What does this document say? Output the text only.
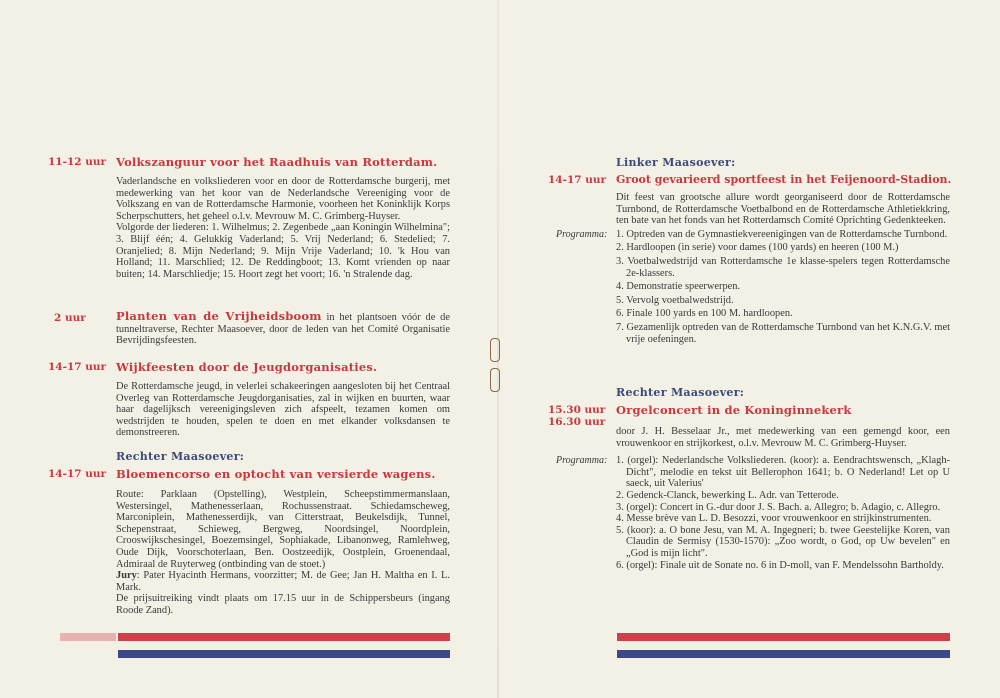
11-12 uur Volkszanguur voor het Raadhuis van Rotterdam.

Vaderlandsche en volksliederen voor en door de Rotterdamsche burgerij, met medewerking van het koor van de Nederlandsche Vereeniging voor de Volkszang en van de Rotterdamsche Harmonie, voorheen het Koninklijk Korps Scherpschutters, het geheel o.l.v. Mevrouw M. C. Grimberg-Huyser.

Volgorde der liederen: 1. Wilhelmus; 2. Zegenbede „aan Koningin Wilhelmina"; 3. Blijf één; 4. Gelukkig Vaderland; 5. Vrij Nederland; 6. Stedelied; 7. Oranjelied; 8. Mijn Nederland; 9. Mijn Vrije Vaderland; 10. 'k Hou van Holland; 11. Marschlied; 12. De Reddingboot; 13. Komt vrienden op naar buiten; 14. Marschliedje; 15. Hoort zegt het voort; 16. 'n Stralende dag.

2 uur	Planten van de Vrijheidsboom in het plantsoen vóór de de tunneltraverse, Rechter Maasoever, door de leden van het Comité Organisatie Bevrijdingsfeesten.
14-17 uur Wijkfeesten door de Jeugdorganisaties.
De Rotterdamsche jeugd, in velerlei schakeeringen aangesloten bij het Centraal Overleg van Rotterdamsche Jeugdorganisaties, zal in wijken en buurten, waar haar dagelijksch vereenigingsleven zich afspeelt, tezamen komen om wedstrijden te houden, spelen te doen en met elkander volksdansen te demonstreeren.
Rechter Maasoever:
14-17 uur Bloemencorso en optocht van versierde wagens.

Route: Parklaan (Opstelling), Westplein, Scheepstimmermanslaan, Westersingel, Mathenesserlaan, Rochussenstraat. Schiedamscheweg, Marconiplein, Mathenesserdijk, van Citterstraat, Beukelsdijk, Tunnel, Schepenstraat, Schieweg, Bergweg, Noordsingel, Noordplein, Crooswijkschesingel, Boezemsingel, Sophiakade, Libanonweg, Ramlehweg, Oude Dijk, Voorschoterlaan, Ben. Oostzeedijk, Oostplein, Groenendaal, Admiraal de Ruyterweg (ontbinding van de stoet.)

Jury: Pater Hyacinth Hermans, voorzitter; M. de Gee; Jan H. Maltha en I. L. Mark.

De prijsuitreiking vindt plaats om 17.15 uur in de Schippersbeurs (ingang Roode Zand).

Linker Maasoever:
14-17 uur Groot gevarieerd sportfeest in het Feijenoord-Stadion.
Dit feest van grootsche allure wordt georganiseerd door de Rotterdamsche Turnbond, de Rotterdamsche Voetbalbond en de Rotterdamsche Athletiekkring, ten bate van het fonds van het Rotterdamsch Comité Oprichting Gedenkteeken.
Programma: 1. Optreden van de Gymnastiekvereenigingen van de Rotterdamsche Turnbond.
2. Hardloopen (in serie) voor dames (100 yards) en heeren (100 M.)
3. Voetbalwedstrijd van Rotterdamsche 1e klasse-spelers tegen Rotterdamsche 2e-klassers.
4. Demonstratie speerwerpen.
5. Vervolg voetbalwedstrijd.
6. Finale 100 yards en 100 M. hardloopen.
7. Gezamenlijk optreden van de Rotterdamsche Turnbond van het K.N.G.V. met vrije oefeningen.
Rechter Maasoever:
15.30 uur
16.30 uur
Orgelconcert in de Koninginnekerk
door J. H. Besselaar Jr., met medewerking van een gemengd koor, een vrouwenkoor en strijkorkest, o.l.v. Mevrouw M. C. Grimberg-Huyser.
Programma: 1. (orgel): Nederlandsche Volksliederen. (koor): a. Eendrachtswensch, „Klagh-Dicht", melodie en tekst uit Bellerophon 1641; b. O Nederland! Let op U saeck, uit Valerius'
2. Gedenck-Clanck, bewerking L. Adr. van Tetterode.
3. (orgel): Concert in G.-dur door J. S. Bach. a. Allegro; b. Adagio, c. Allegro.
4. Messe brève van L. D. Besozzi, voor vrouwenkoor en strijkinstrumenten.
5. (koor): a. O bone Jesu, van M. A. Ingegneri; b. twee Geestelijke Koren, van Claudin de Sermisy (1530-1570): „Zoo wordt, o God, op Uw bevelen" en „God is mijn licht".
6. (orgel): Finale uit de Sonate no. 6 in D-moll, van F. Mendelssohn Bartholdy.
